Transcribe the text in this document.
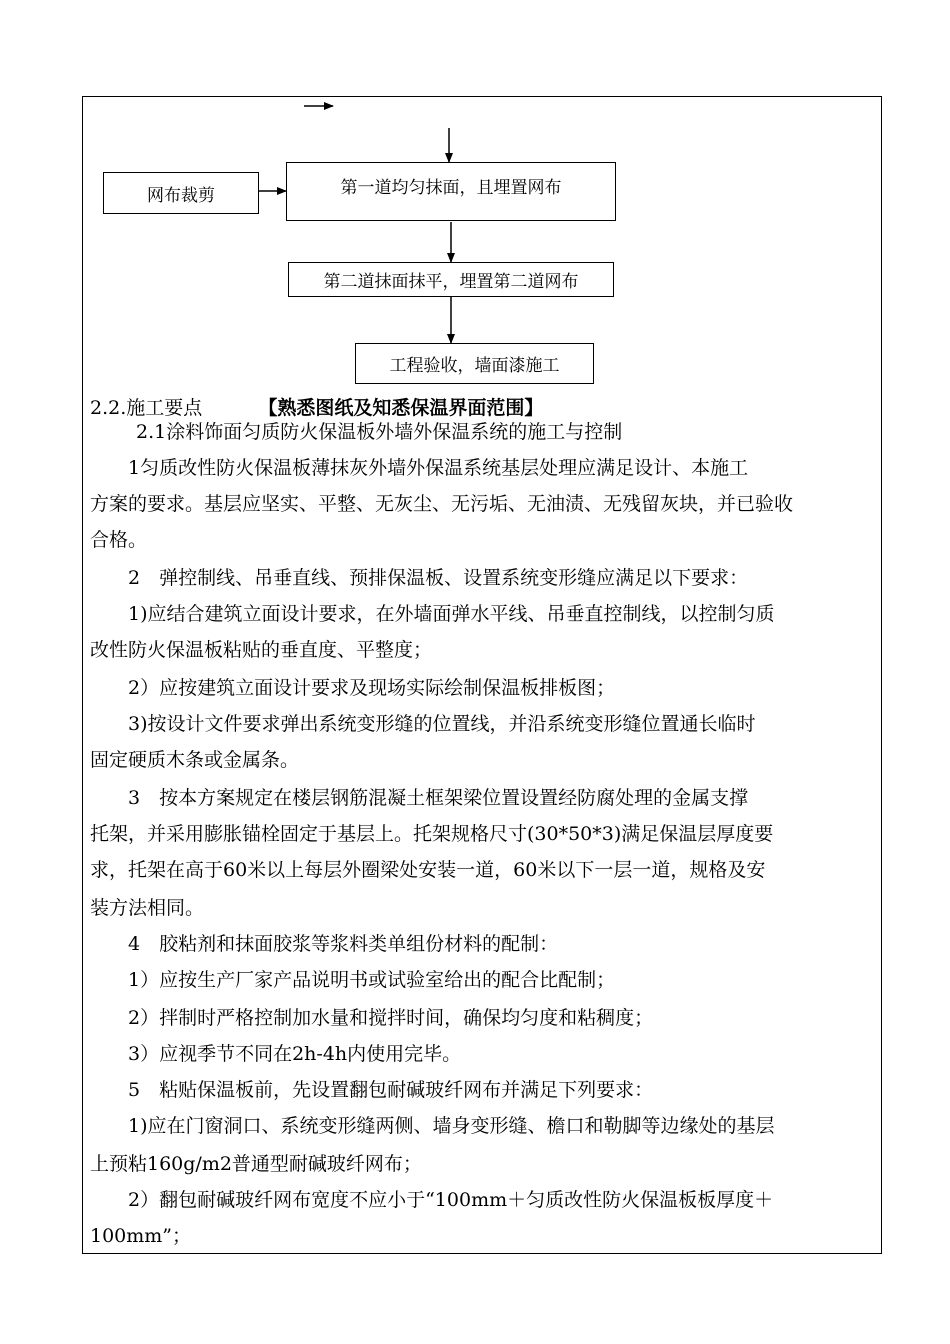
网布裁剪	第一道均匀抹面，且埋置网布
第二道抹面抹平，埋置第二道网布
工程验收，墙面漆施工
2.2.施工要点	【熟悉图纸及知悉保温界面范围】
2.1涂料饰面匀质防火保温板外墙外保温系统的施工与控制
　　1匀质改性防火保温板薄抹灰外墙外保温系统基层处理应满足设计、本施工
方案的要求。基层应坚实、平整、无灰尘、无污垢、无油渍、无残留灰块，并已验收
合格。
　　2　弹控制线、吊垂直线、预排保温板、设置系统变形缝应满足以下要求：
　　1)应结合建筑立面设计要求，在外墙面弹水平线、吊垂直控制线，以控制匀质
改性防火保温板粘贴的垂直度、平整度；
　　2）应按建筑立面设计要求及现场实际绘制保温板排板图；
　　3)按设计文件要求弹出系统变形缝的位置线，并沿系统变形缝位置通长临时
固定硬质木条或金属条。
　　3　按本方案规定在楼层钢筋混凝土框架梁位置设置经防腐处理的金属支撑
托架，并采用膨胀锚栓固定于基层上。托架规格尺寸(30*50*3)满足保温层厚度要
求，托架在高于60米以上每层外圈梁处安装一道，60米以下一层一道，规格及安
装方法相同。
　　4　胶粘剂和抹面胶浆等浆料类单组份材料的配制：
　　1）应按生产厂家产品说明书或试验室给出的配合比配制；
　　2）拌制时严格控制加水量和搅拌时间，确保均匀度和粘稠度；
　　3）应视季节不同在2h-4h内使用完毕。
　　5　粘贴保温板前，先设置翻包耐碱玻纤网布并满足下列要求：
　　1)应在门窗洞口、系统变形缝两侧、墙身变形缝、檐口和勒脚等边缘处的基层
上预粘160g/m2普通型耐碱玻纤网布；
　　2）翻包耐碱玻纤网布宽度不应小于“100mm＋匀质改性防火保温板板厚度＋
100mm”；
